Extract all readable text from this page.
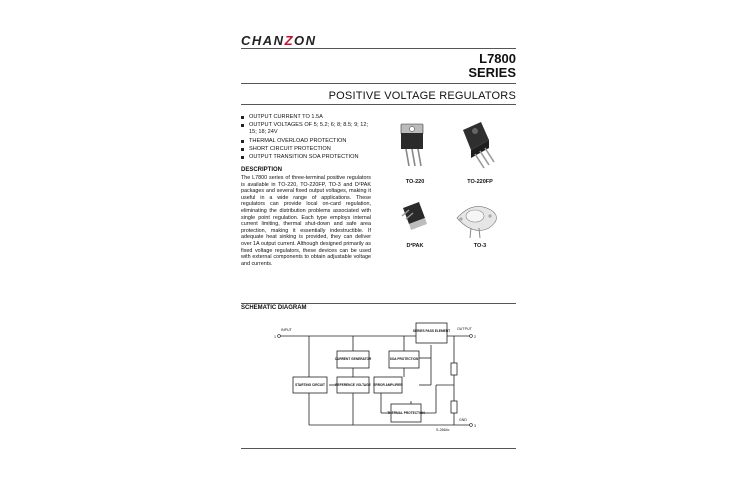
CHANZON
L7800
SERIES
POSITIVE VOLTAGE REGULATORS
OUTPUT CURRENT TO 1.5A
OUTPUT VOLTAGES OF 5; 5.2; 6; 8; 8.5; 9; 12; 15; 18; 24V
THERMAL OVERLOAD PROTECTION
SHORT CIRCUIT PROTECTION
OUTPUT TRANSITION SOA PROTECTION
DESCRIPTION
The L7800 series of three-terminal positive regulators is available in TO-220, TO-220FP, TO-3 and D²PAK packages and several fixed output voltages, making it useful in a wide range of applications. These regulators can provide local on-card regulation, eliminating the distribution problems associated with single point regulation. Each type employs internal current limiting, thermal shut-down and safe area protection, making it essentially indestructible. If adequate heat sinking is provided, they can deliver over 1A output current. Although designed primarily as fixed voltage regulators, these devices can be used with external components to obtain adjustable voltage and currents.
TO-220	TO-220FP
D²PAK	TO-3
SCHEMATIC DIAGRAM
SERIES PASS ELEMENT
CURRENT GENERATOR	SOA PROTECTION
STARTING CIRCUIT	REFERENCE VOLTAGE ERROR AMPLIFIER
THERMAL PROTECTION
INPUT
1
OUTPUT
2
GND
3
S-2664c
